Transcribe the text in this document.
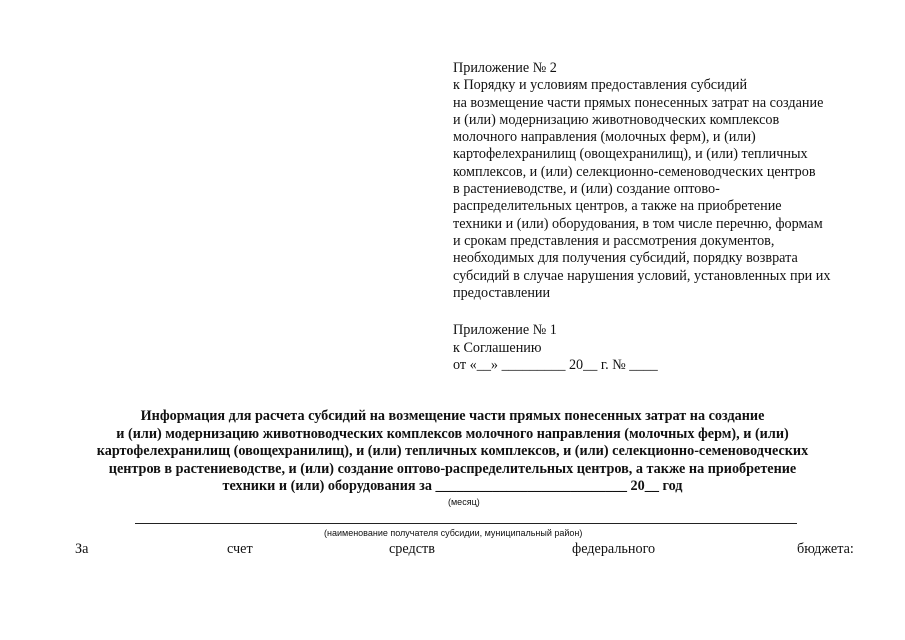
Приложение № 2
к Порядку и условиям предоставления субсидий
на возмещение части прямых понесенных затрат на создание
и (или) модернизацию животноводческих комплексов
молочного направления (молочных ферм), и (или)
картофелехранилищ (овощехранилищ), и (или) тепличных
комплексов, и (или) селекционно-семеноводческих центров
в растениеводстве, и (или) создание оптово-
распределительных центров, а также на приобретение
техники и (или) оборудования, в том числе перечню, формам
и срокам представления и рассмотрения документов,
необходимых для получения субсидий, порядку возврата
субсидий в случае нарушения условий, установленных при их
предоставлении
Приложение № 1
к Соглашению
от «__» _________ 20__ г. № ____
Информация для расчета субсидий на возмещение части прямых понесенных затрат на создание
и (или) модернизацию животноводческих комплексов молочного направления (молочных ферм), и (или)
картофелехранилищ (овощехранилищ), и (или) тепличных комплексов, и (или) селекционно-семеноводческих
центров в растениеводстве, и (или) создание оптово-распределительных центров, а также на приобретение
техники и (или) оборудования за ___________________________ 20__ год
(месяц)
(наименование получателя субсидии, муниципальный район)
За	счет	средств	федерального	бюджета:
